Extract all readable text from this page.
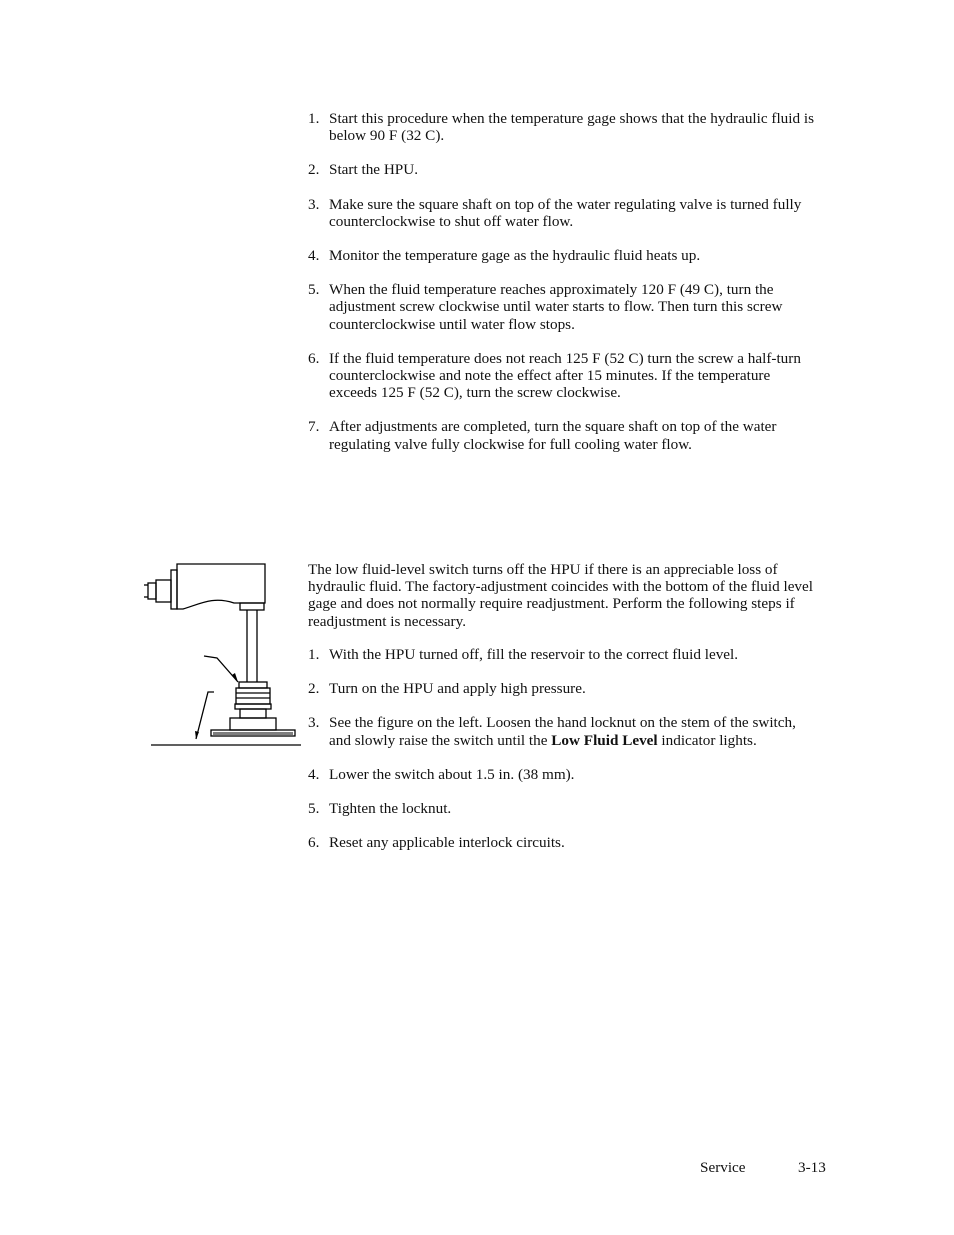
1. Start this procedure when the temperature gage shows that the hydraulic fluid is below 90 F (32 C).
2. Start the HPU.
3. Make sure the square shaft on top of the water regulating valve is turned fully counterclockwise to shut off water flow.
4. Monitor the temperature gage as the hydraulic fluid heats up.
5. When the fluid temperature reaches approximately 120 F (49 C), turn the adjustment screw clockwise until water starts to flow. Then turn this screw counterclockwise until water flow stops.
6. If the fluid temperature does not reach 125 F (52 C) turn the screw a half-turn counterclockwise and note the effect after 15 minutes. If the temperature exceeds 125 F (52 C), turn the screw clockwise.
7. After adjustments are completed, turn the square shaft on top of the water regulating valve fully clockwise for full cooling water flow.

The low fluid-level switch turns off the HPU if there is an appreciable loss of hydraulic fluid. The factory-adjustment coincides with the bottom of the fluid level gage and does not normally require readjustment. Perform the following steps if readjustment is necessary.

1. With the HPU turned off, fill the reservoir to the correct fluid level.
2. Turn on the HPU and apply high pressure.
3. See the figure on the left. Loosen the hand locknut on the stem of the switch, and slowly raise the switch until the Low Fluid Level indicator lights.
4. Lower the switch about 1.5 in. (38 mm).
5. Tighten the locknut.
6. Reset any applicable interlock circuits.
Service	3-13
